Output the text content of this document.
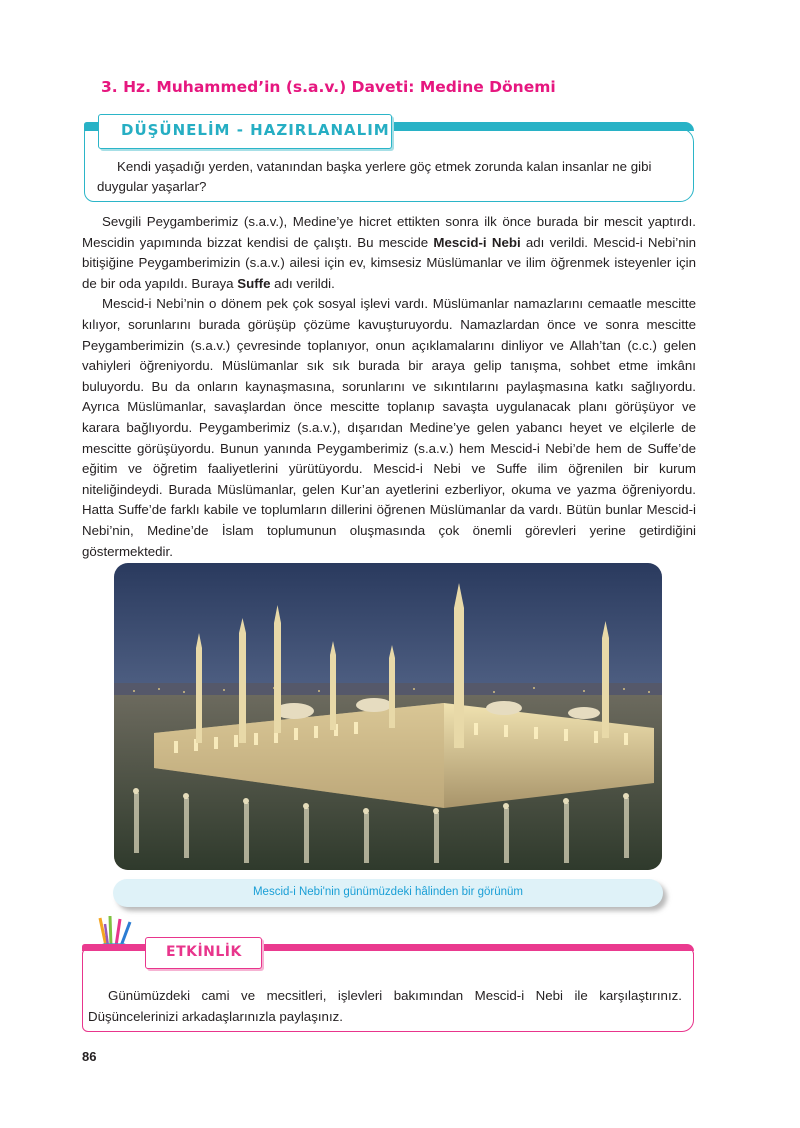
3. Hz. Muhammed’in (s.a.v.) Daveti: Medine Dönemi

DÜŞÜNELİM - HAZIRLANALIM

Kendi yaşadığı yerden, vatanından başka yerlere göç etmek zorunda kalan insanlar ne gibi duygular yaşarlar?

Sevgili Peygamberimiz (s.a.v.), Medine’ye hicret ettikten sonra ilk önce burada bir mescit yaptırdı. Mescidin yapımında bizzat kendisi de çalıştı. Bu mescide Mescid-i Nebi adı verildi. Mescid-i Nebi’nin bitişiğine Peygamberimizin (s.a.v.) ailesi için ev, kimsesiz Müslümanlar ve ilim öğrenmek isteyenler için de bir oda yapıldı. Buraya Suffe adı verildi.

Mescid-i Nebi’nin o dönem pek çok sosyal işlevi vardı. Müslümanlar namazlarını cemaatle mescitte kılıyor, sorunlarını burada görüşüp çözüme kavuşturuyordu. Namazlardan önce ve sonra mescitte Peygamberimizin (s.a.v.) çevresinde toplanıyor, onun açıklamalarını dinliyor ve Allah’tan (c.c.) gelen vahiyleri öğreniyordu. Müslümanlar sık sık burada bir araya gelip tanışma, sohbet etme imkânı buluyordu. Bu da onların kaynaşmasına, sorunlarını ve sıkıntılarını paylaşmasına katkı sağlıyordu. Ayrıca Müslümanlar, savaşlardan önce mescitte toplanıp savaşta uygulanacak planı görüşüyor ve karara bağlıyordu. Peygamberimiz (s.a.v.), dışarıdan Medine’ye gelen yabancı heyet ve elçilerle de mescitte görüşüyordu. Bunun yanında Peygamberimiz (s.a.v.) hem Mescid-i Nebi’de hem de Suffe’de eğitim ve öğretim faaliyetlerini yürütüyordu. Mescid-i Nebi ve Suffe ilim öğrenilen bir kurum niteliğindeydi. Burada Müslümanlar, gelen Kur’an ayetlerini ezberliyor, okuma ve yazma öğreniyordu. Hatta Suffe’de farklı kabile ve toplumların dillerini öğrenen Müslümanlar da vardı. Bütün bunlar Mescid-i Nebi’nin, Medine’de İslam toplumunun oluşmasında çok önemli görevleri yerine getirdiğini göstermektedir.

Mescid-i Nebi'nin günümüzdeki hâlinden bir görünüm

ETKİNLİK

Günümüzdeki cami ve mecsitleri, işlevleri bakımından Mescid-i Nebi ile karşılaştırınız. Düşüncelerinizi arkadaşlarınızla paylaşınız.

86
